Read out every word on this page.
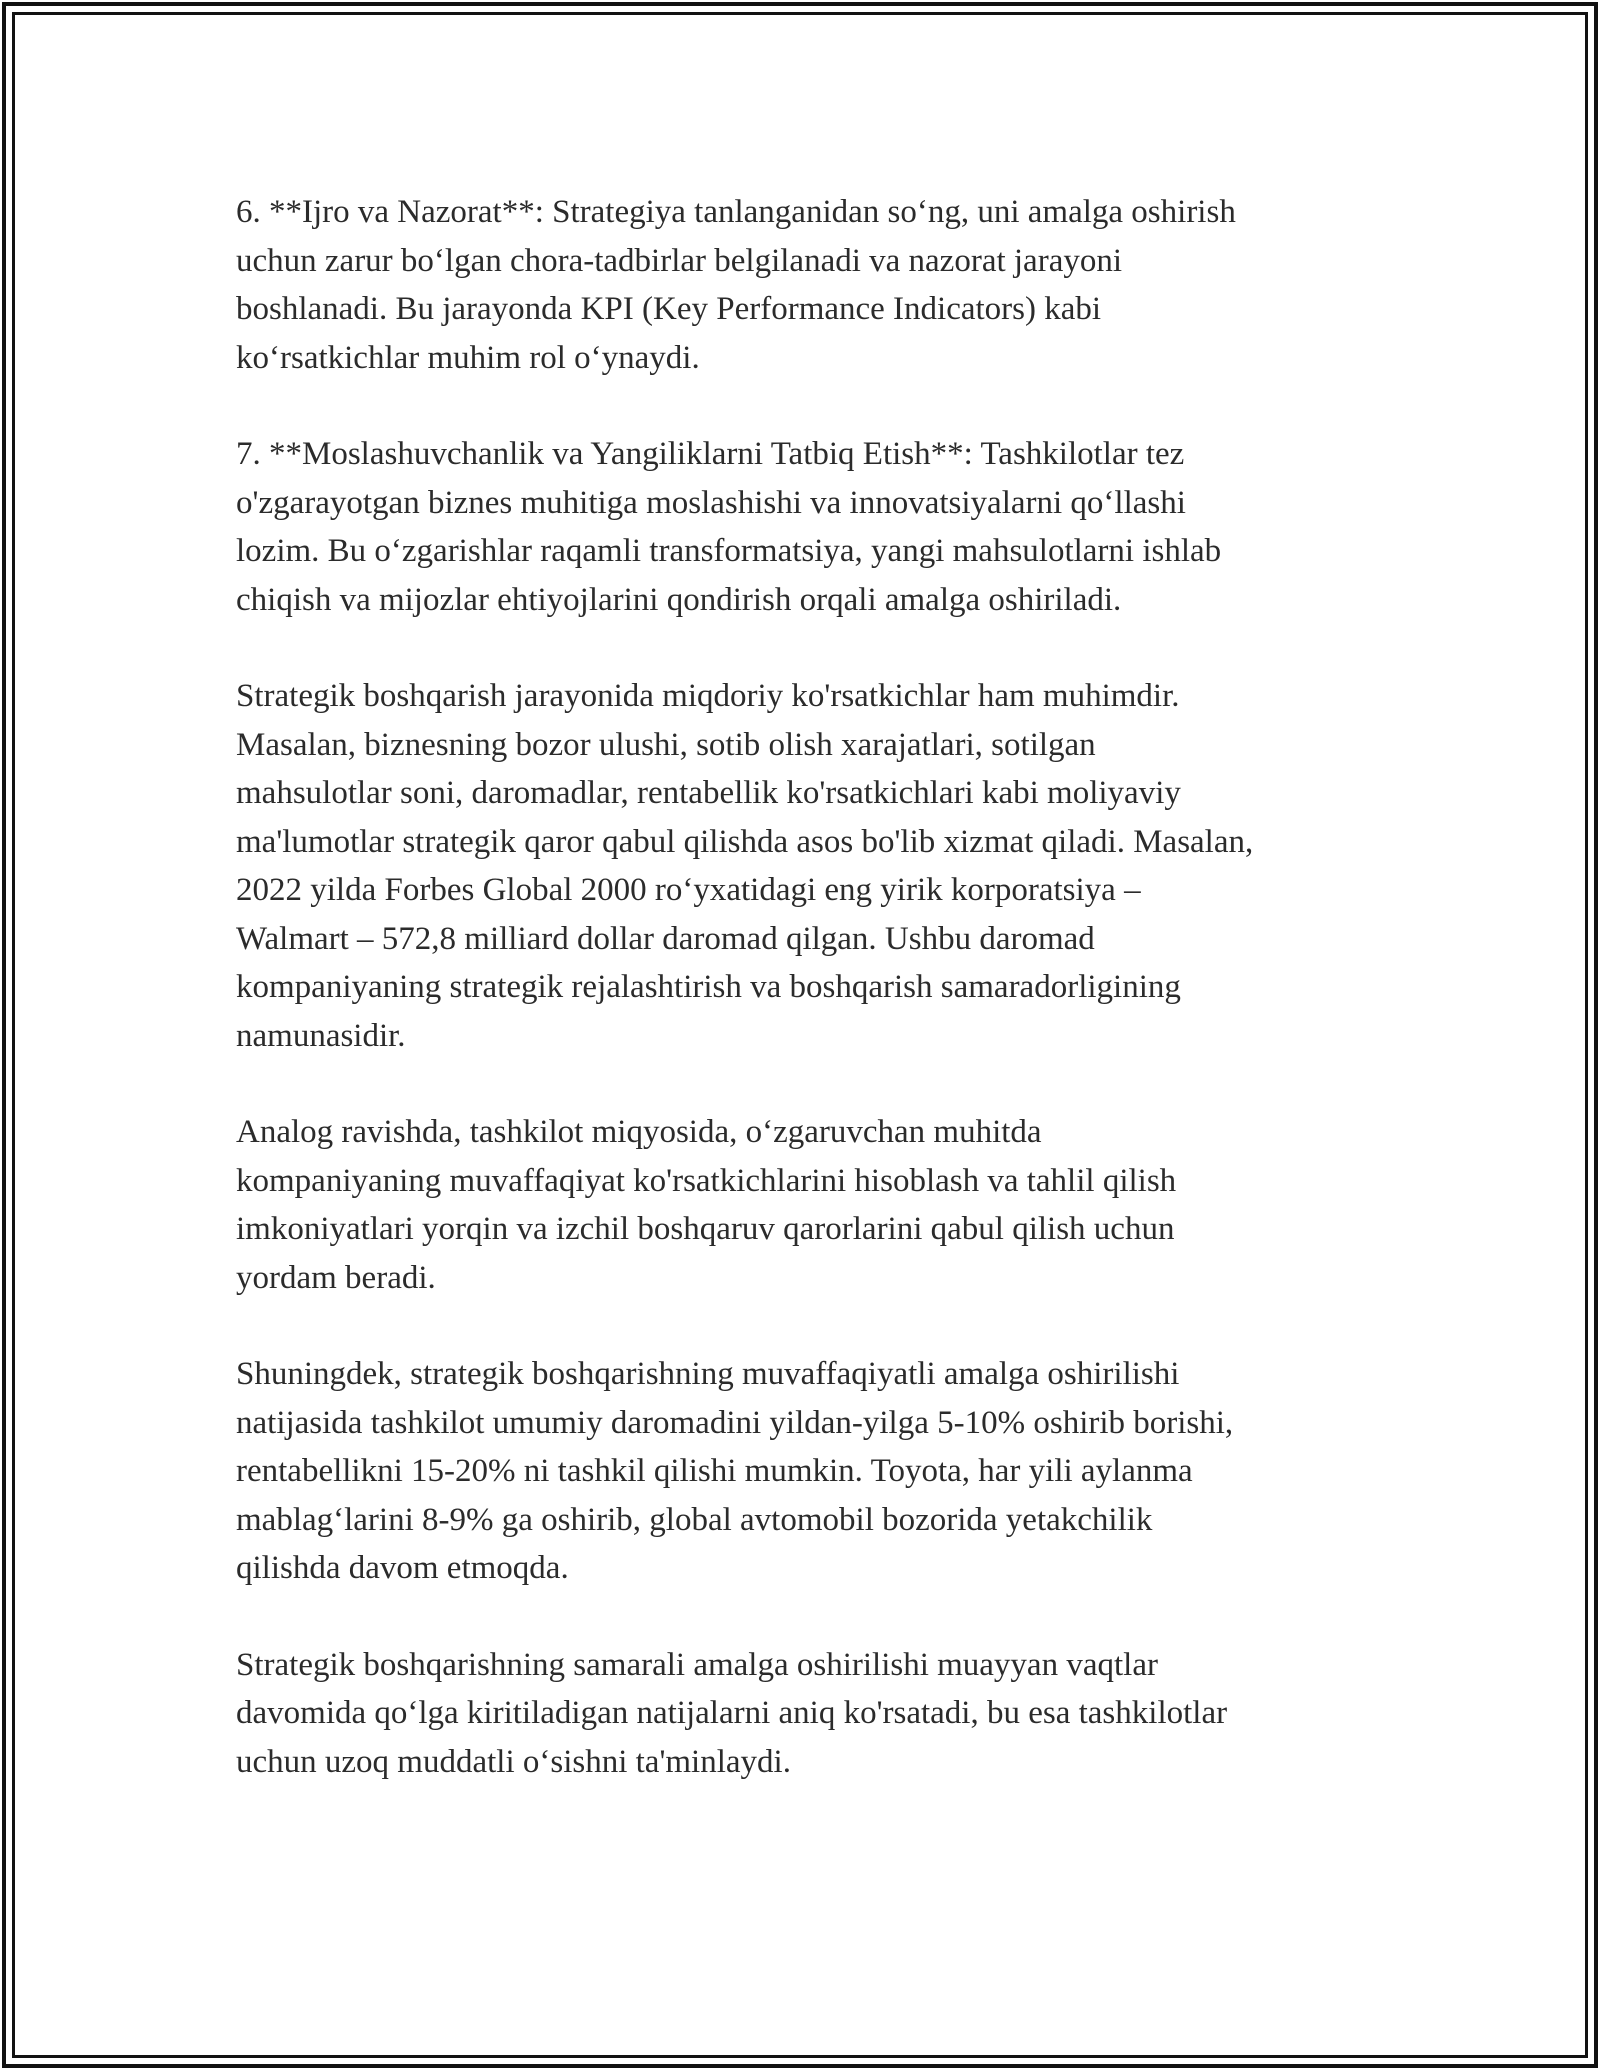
6. **Ijro va Nazorat**: Strategiya tanlanganidan so‘ng, uni amalga oshirish
uchun zarur bo‘lgan chora-tadbirlar belgilanadi va nazorat jarayoni
boshlanadi. Bu jarayonda KPI (Key Performance Indicators) kabi
ko‘rsatkichlar muhim rol o‘ynaydi.

7. **Moslashuvchanlik va Yangiliklarni Tatbiq Etish**: Tashkilotlar tez
o'zgarayotgan biznes muhitiga moslashishi va innovatsiyalarni qo‘llashi
lozim. Bu o‘zgarishlar raqamli transformatsiya, yangi mahsulotlarni ishlab
chiqish va mijozlar ehtiyojlarini qondirish orqali amalga oshiriladi.

Strategik boshqarish jarayonida miqdoriy ko'rsatkichlar ham muhimdir.
Masalan, biznesning bozor ulushi, sotib olish xarajatlari, sotilgan
mahsulotlar soni, daromadlar, rentabellik ko'rsatkichlari kabi moliyaviy
ma'lumotlar strategik qaror qabul qilishda asos bo'lib xizmat qiladi. Masalan,
2022 yilda Forbes Global 2000 ro‘yxatidagi eng yirik korporatsiya –
Walmart – 572,8 milliard dollar daromad qilgan. Ushbu daromad
kompaniyaning strategik rejalashtirish va boshqarish samaradorligining
namunasidir.

Analog ravishda, tashkilot miqyosida, o‘zgaruvchan muhitda
kompaniyaning muvaffaqiyat ko'rsatkichlarini hisoblash va tahlil qilish
imkoniyatlari yorqin va izchil boshqaruv qarorlarini qabul qilish uchun
yordam beradi.

Shuningdek, strategik boshqarishning muvaffaqiyatli amalga oshirilishi
natijasida tashkilot umumiy daromadini yildan-yilga 5-10% oshirib borishi,
rentabellikni 15-20% ni tashkil qilishi mumkin. Toyota, har yili aylanma
mablag‘larini 8-9% ga oshirib, global avtomobil bozorida yetakchilik
qilishda davom etmoqda.

Strategik boshqarishning samarali amalga oshirilishi muayyan vaqtlar
davomida qo‘lga kiritiladigan natijalarni aniq ko'rsatadi, bu esa tashkilotlar
uchun uzoq muddatli o‘sishni ta'minlaydi.
